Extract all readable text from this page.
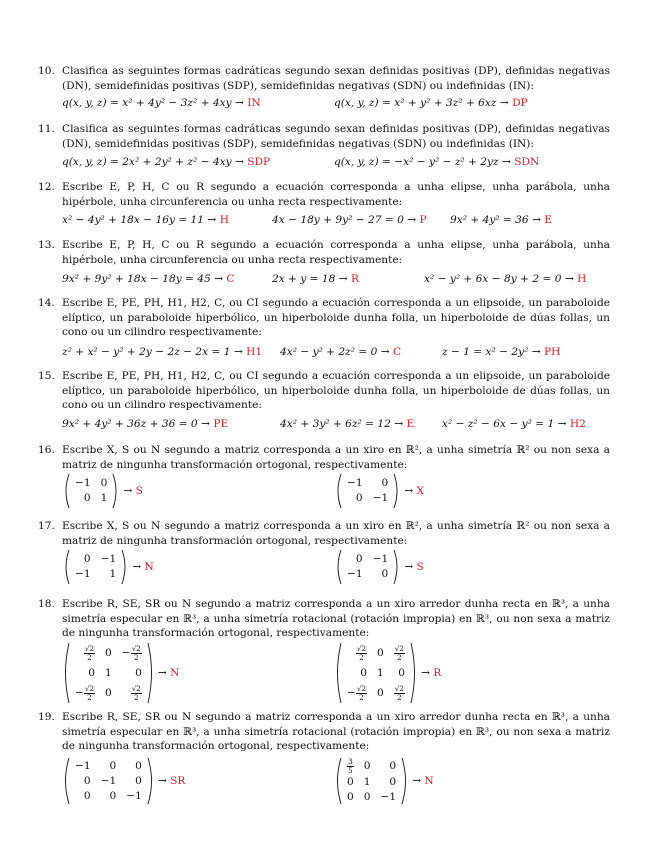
10. Clasifica as seguintes formas cadráticas segundo sexan definidas positivas (DP), definidas negativas (DN), semidefinidas positivas (SDP), semidefinidas negativas (SDN) ou indefinidas (IN):
q(x, y, z) = x² + 4y² − 3z² + 4xy → IN	q(x, y, z) = x² + y² + 3z² + 6xz → DP
11. Clasifica as seguintes formas cadráticas segundo sexan definidas positivas (DP), definidas negativas (DN), semidefinidas positivas (SDP), semidefinidas negativas (SDN) ou indefinidas (IN):
q(x, y, z) = 2x² + 2y² + z² − 4xy → SDP	q(x, y, z) = −x² − y² − z² + 2yz → SDN
12. Escribe E, P, H, C ou R segundo a ecuación corresponda a unha elipse, unha parábola, unha hipérbole, unha circunferencia ou unha recta respectivamente:
x² − 4y² + 18x − 16y = 11 → H	4x − 18y + 9y² − 27 = 0 → P 9x² + 4y² = 36 → E
13. Escribe E, P, H, C ou R segundo a ecuación corresponda a unha elipse, unha parábola, unha hipérbole, unha circunferencia ou unha recta respectivamente:
9x² + 9y² + 18x − 18y = 45 → C	2x + y = 18 → R	x² − y² + 6x − 8y + 2 = 0 → H
14. Escribe E, PE, PH, H1, H2, C, ou CI segundo a ecuación corresponda a un elipsoide, un paraboloide elíptico, un paraboloide hiperbólico, un hiperboloide dunha folla, un hiperboloide de dúas follas, un cono ou un cilindro respectivamente:
z² + x² − y² + 2y − 2z − 2x = 1 → H1 4x² − y² + 2z² = 0 → C	z − 1 = x² − 2y² → PH
15. Escribe E, PE, PH, H1, H2, C, ou CI segundo a ecuación corresponda a un elipsoide, un paraboloide elíptico, un paraboloide hiperbólico, un hiperboloide dunha folla, un hiperboloide de dúas follas, un cono ou un cilindro respectivamente:
9x² + 4y² + 36z + 36 = 0 → PE	4x² + 3y² + 6z² = 12 → E	x² − z² − 6x − y² = 1 → H2
16. Escribe X, S ou N segundo a matriz corresponda a un xiro en ℝ², a unha simetría ℝ² ou non sexa a matriz de ningunha transformación ortogonal, respectivamente:
−1	0
0	1
→ S
−1	0
0	−1
→ X
17. Escribe X, S ou N segundo a matriz corresponda a un xiro en ℝ², a unha simetría ℝ² ou non sexa a matriz de ningunha transformación ortogonal, respectivamente:
0	−1
−1	1
→ N
0	−1
−1	0
→ S
18. Escribe R, SE, SR ou N segundo a matriz corresponda a un xiro arredor dunha recta en ℝ³, a unha simetría especular en ℝ³, a unha simetría rotacional (rotación impropia) en ℝ³, ou non sexa a matriz de ningunha transformación ortogonal, respectivamente:
$\frac{√2}{2}$	0	− $\frac{√2}{2}$

0	1	0
− $\frac{√2}{2}$	0	$\frac{√2}{2}$
→ N
$\frac{√2}{2}$	0	$\frac{√2}{2}$

0	1	0
− $\frac{√2}{2}$	0	$\frac{√2}{2}$
→ R
19. Escribe R, SE, SR ou N segundo a matriz corresponda a un xiro arredor dunha recta en ℝ³, a unha simetría especular en ℝ³, a unha simetría rotacional (rotación impropia) en ℝ³, ou non sexa a matriz de ningunha transformación ortogonal, respectivamente:
−1	0	0
0	−1	0
0	0	−1
→ SR
$\frac{3}{5}$	0	0
0	1	0
0	0	−1
→ N
